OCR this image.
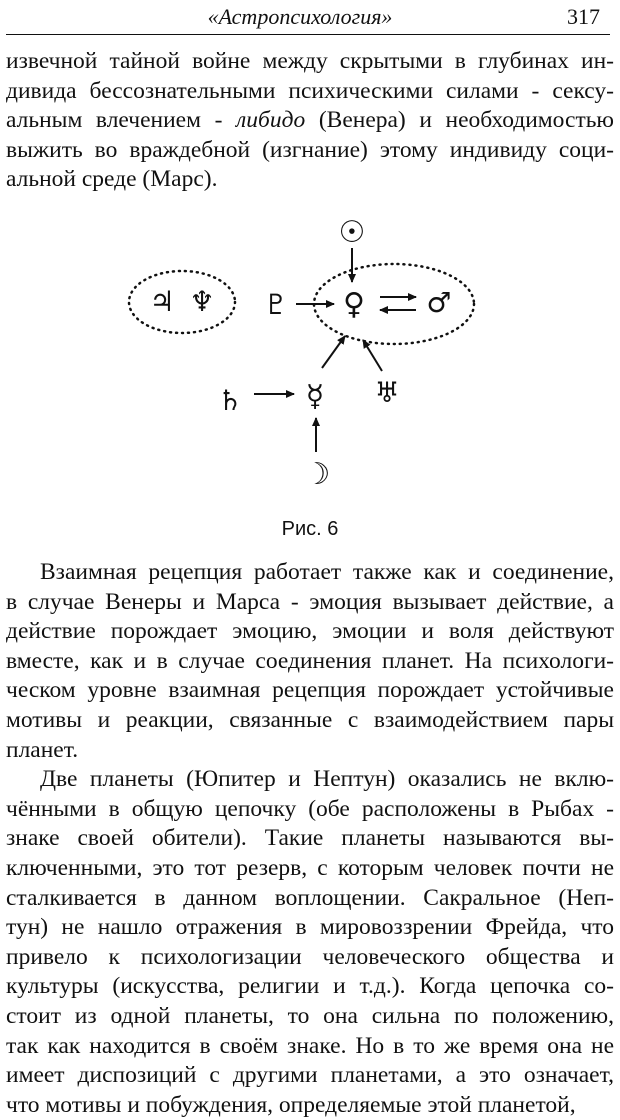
«Астропсихология»	317
извечной тайной войне между скрытыми в глубинах ин-
дивида бессознательными психическими силами - сексу-
альным влечением - либидо (Венера) и необходимостью
выжить во враждебной (изгнание) этому индивиду соци-
альной среде (Марс).
☉
♃ ♆ ♇ ♀ ♂
♄ ☿ ♅
☽
Рис. 6
Взаимная рецепция работает также как и соединение,
в случае Венеры и Марса - эмоция вызывает действие, а
действие порождает эмоцию, эмоции и воля действуют
вместе, как и в случае соединения планет. На психологи-
ческом уровне взаимная рецепция порождает устойчивые
мотивы и реакции, связанные с взаимодействием пары
планет.
Две планеты (Юпитер и Нептун) оказались не вклю-
чёнными в общую цепочку (обе расположены в Рыбах -
знаке своей обители). Такие планеты называются вы-
ключенными, это тот резерв, с которым человек почти не
сталкивается в данном воплощении. Сакральное (Неп-
тун) не нашло отражения в мировоззрении Фрейда, что
привело к психологизации человеческого общества и
культуры (искусства, религии и т.д.). Когда цепочка со-
стоит из одной планеты, то она сильна по положению,
так как находится в своём знаке. Но в то же время она не
имеет диспозиций с другими планетами, а это означает,
что мотивы и побуждения, определяемые этой планетой,
